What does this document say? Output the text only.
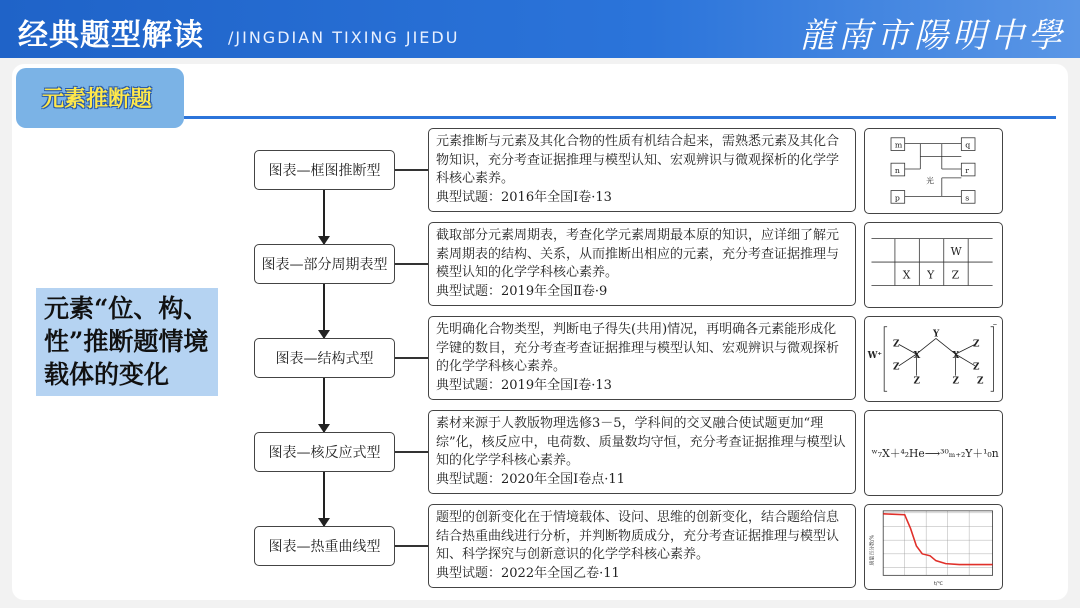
经典题型解读 /JINGDIAN TIXING JIEDU	龍南市陽明中學
元素推断题
元素“位、构、性”推断题情境载体的变化
图表—框图推断型
元素推断与元素及其化合物的性质有机结合起来，需熟悉元素及其化合物知识，充分考查证据推理与模型认知、宏观辨识与微观探析的化学学科核心素养。
典型试题：2016年全国Ⅰ卷·13
m
n
p
q
r
s
光
图表—部分周期表型
截取部分元素周期表，考查化学元素周期最本原的知识，应详细了解元素周期表的结构、关系，从而推断出相应的元素，充分考查证据推理与模型认知的化学学科核心素养。
典型试题：2019年全国Ⅱ卷·9
W
X Y Z
图表—结构式型
先明确化合物类型，判断电子得失(共用)情况，再明确各元素能形成化学键的数目，充分考查考查证据推理与模型认知、宏观辨识与微观探析的化学学科核心素养。
典型试题：2019年全国Ⅰ卷·13
W⁺
⁻
Z
Y
Z
X	X
Z	Z
Z	Z Z
图表—核反应式型
素材来源于人教版物理选修3－5，学科间的交叉融合使试题更加“理综”化，核反应中，电荷数、质量数均守恒，充分考查证据推理与模型认知的化学学科核心素养。
典型试题：2020年全国Ⅰ卷点·11
ʷ₇X＋⁴₂He⟶³⁰ₘ₊₂Y＋¹₀n
图表—热重曲线型
题型的创新变化在于情境载体、设问、思维的创新变化，结合题给信息结合热重曲线进行分析，并判断物质成分，充分考查证据推理与模型认知、科学探究与创新意识的化学学科核心素养。
典型试题：2022年全国乙卷·11
t/℃
质量百分数/%
